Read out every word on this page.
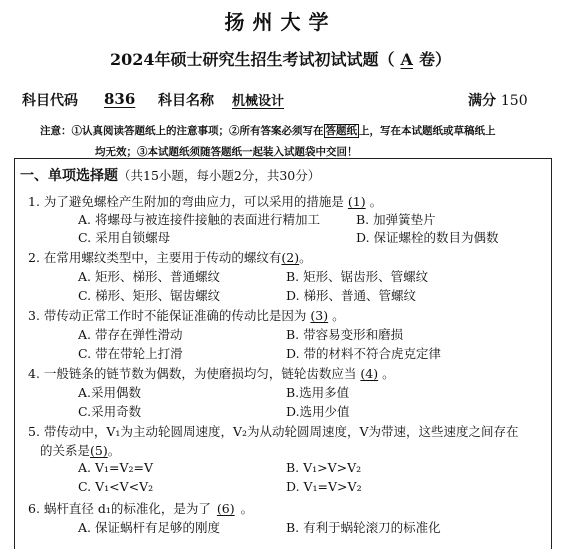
扬州大学
2024年硕士研究生招生考试初试试题（ A 卷）
科目代码 836 科目名称 机械设计	满分 150
注意：①认真阅读答题纸上的注意事项；②所有答案必须写在 答题纸 上，写在本试题纸或草稿纸上
均无效；③本试题纸须随答题纸一起装入试题袋中交回！
一、单项选择题（共15小题，每小题2分，共30分）
1. 为了避免螺栓产生附加的弯曲应力，可以采用的措施是 (1) 。
A. 将螺母与被连接件接触的表面进行精加工	B. 加弹簧垫片
C. 采用自锁螺母	D. 保证螺栓的数目为偶数
2. 在常用螺纹类型中，主要用于传动的螺纹有(2)。
A. 矩形、梯形、普通螺纹	B. 矩形、锯齿形、管螺纹
C. 梯形、矩形、锯齿螺纹	D. 梯形、普通、管螺纹
3. 带传动正常工作时不能保证准确的传动比是因为 (3) 。
A. 带存在弹性滑动	B. 带容易变形和磨损
C. 带在带轮上打滑	D. 带的材料不符合虎克定律
4. 一般链条的链节数为偶数，为使磨损均匀，链轮齿数应当 (4) 。
A.采用偶数	B.选用多值
C.采用奇数	D.选用少值
5. 带传动中，V₁为主动轮圆周速度，V₂为从动轮圆周速度，V为带速，这些速度之间存在
的关系是(5)。
A. V₁=V₂=V	B. V₁>V>V₂
C. V₁<V<V₂	D. V₁=V>V₂
6. 蜗杆直径 d₁的标准化，是为了 (6) 。
A. 保证蜗杆有足够的刚度	B. 有利于蜗轮滚刀的标准化
